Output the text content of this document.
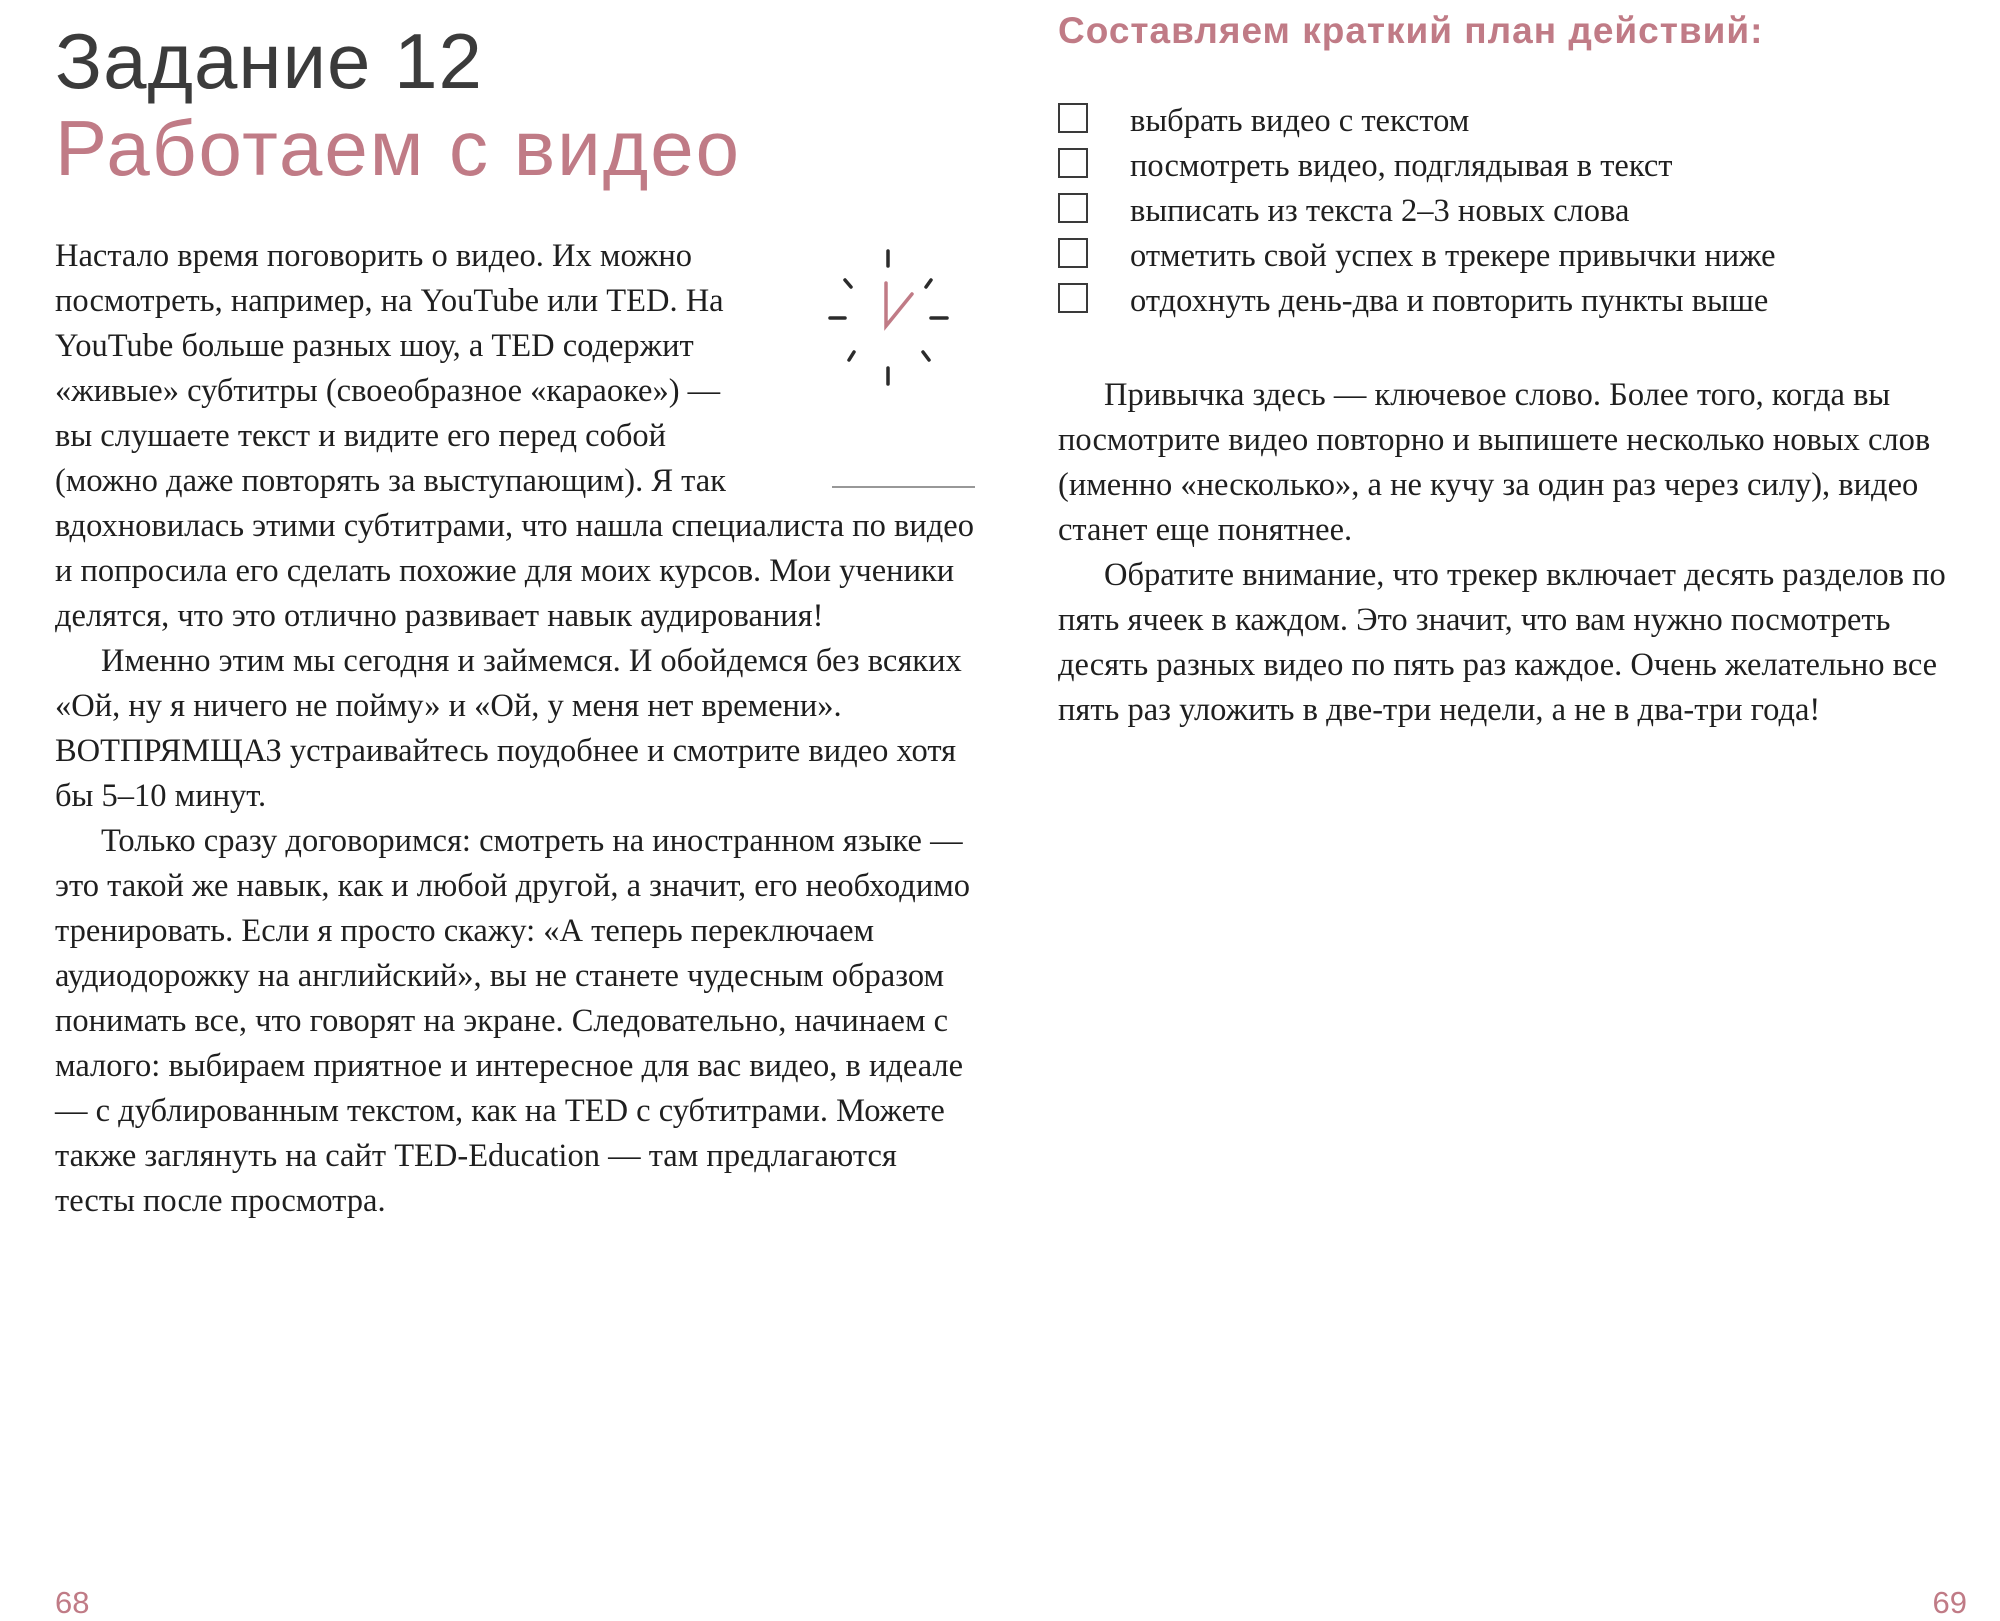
Задание 12
Работаем с видео

Настало время поговорить о видео. Их можно посмотреть, например, на YouTube или TED. На YouTube больше разных шоу, а TED содержит «живые» субтитры (своеобразное «караоке») — вы слушаете текст и видите его перед собой (можно даже повторять за выступающим). Я так вдохновилась этими субтитрами, что нашла специалиста по видео и попросила его сделать похожие для моих курсов. Мои ученики делятся, что это отлично развивает навык аудирования!

Именно этим мы сегодня и займемся. И обойдемся без всяких «Ой, ну я ничего не пойму» и «Ой, у меня нет времени». ВОТПРЯМЩАЗ устраивайтесь поудобнее и смотрите видео хотя бы 5–10 минут.

Только сразу договоримся: смотреть на иностранном языке — это такой же навык, как и любой другой, а значит, его необходимо тренировать. Если я просто скажу: «А теперь переключаем аудиодорожку на английский», вы не станете чудесным образом понимать все, что говорят на экране. Следовательно, начинаем с малого: выбираем приятное и интересное для вас видео, в идеале — с дублированным текстом, как на TED с субтитрами. Можете также заглянуть на сайт TED-Education — там предлагаются тесты после просмотра.

68
Составляем краткий план действий:
выбрать видео с текстом
посмотреть видео, подглядывая в текст
выписать из текста 2–3 новых слова
отметить свой успех в трекере привычки ниже
отдохнуть день-два и повторить пункты выше

Привычка здесь — ключевое слово. Более того, когда вы посмотрите видео повторно и выпишете несколько новых слов (именно «несколько», а не кучу за один раз через силу), видео станет еще понятнее.

Обратите внимание, что трекер включает десять разделов по пять ячеек в каждом. Это значит, что вам нужно посмотреть десять разных видео по пять раз каждое. Очень желательно все пять раз уложить в две-три недели, а не в два-три года!

69
